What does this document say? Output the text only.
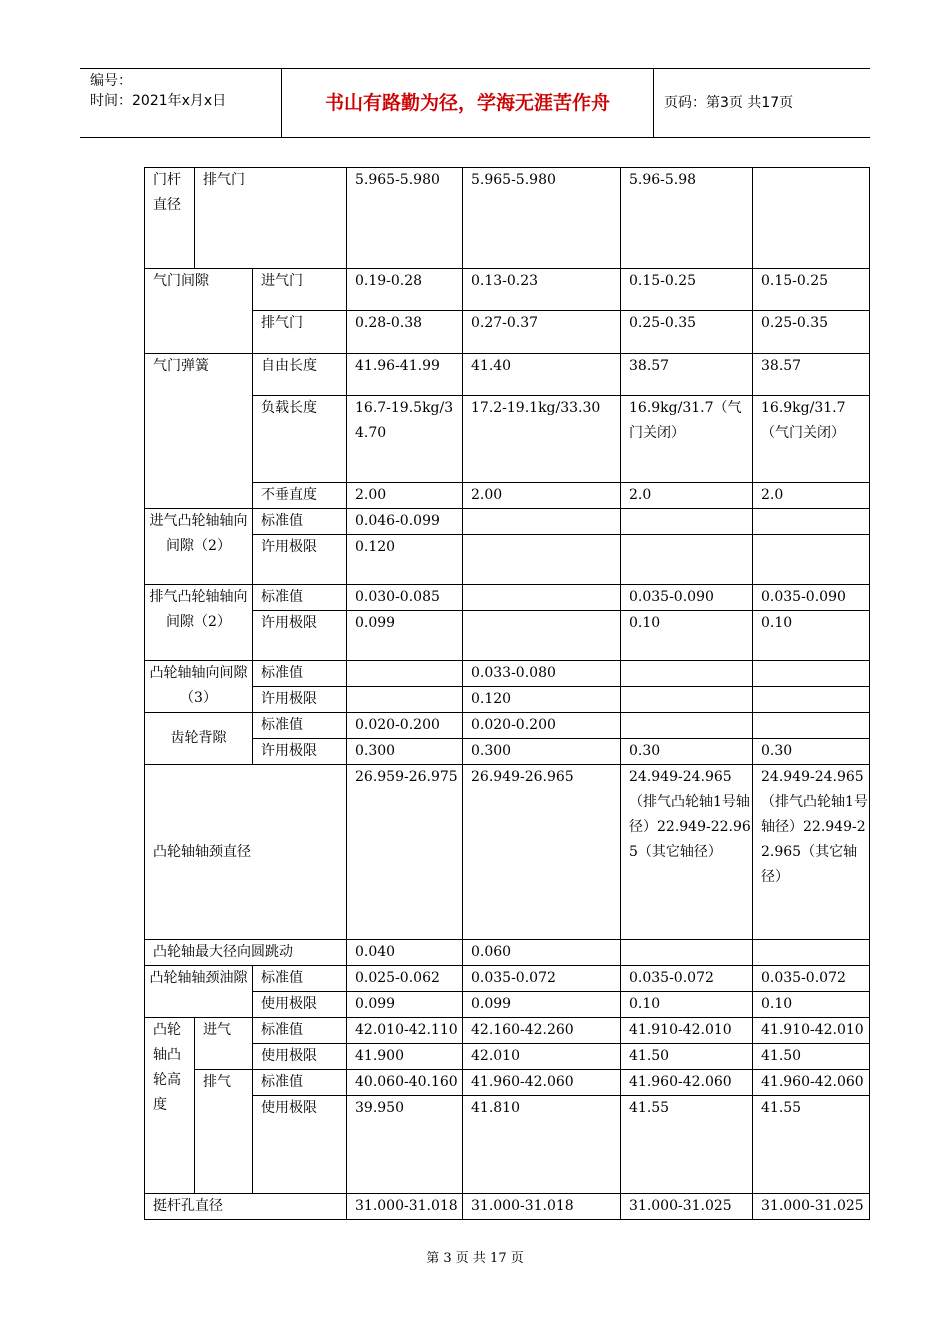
编号：
时间：2021年x月x日	书山有路勤为径，学海无涯苦作舟	页码：第3页 共17页
门杆直径	排气门		5.965-5.980	5.965-5.980	5.96-5.98	
气门间隙		进气门	0.19-0.28	0.13-0.23	0.15-0.25	0.15-0.25
		排气门	0.28-0.38	0.27-0.37	0.25-0.35	0.25-0.35
气门弹簧		自由长度	41.96-41.99	41.40	38.57	38.57
		负载长度	16.7-19.5kg/34.70	17.2-19.1kg/33.30	16.9kg/31.7（气门关闭）	16.9kg/31.7（气门关闭）
		不垂直度	2.00	2.00	2.0	2.0
进气凸轮轴轴向间隙（2）		标准值	0.046-0.099			
		许用极限	0.120			
排气凸轮轴轴向间隙（2）		标准值	0.030-0.085		0.035-0.090	0.035-0.090
		许用极限	0.099		0.10	0.10
凸轮轴轴向间隙（3）		标准值		0.033-0.080		
		许用极限		0.120		
齿轮背隙		标准值	0.020-0.200	0.020-0.200		
		许用极限	0.300	0.300	0.30	0.30
凸轮轴轴颈直径			26.959-26.975	26.949-26.965	24.949-24.965（排气凸轮轴1号轴径）22.949-22.965（其它轴径）	24.949-24.965（排气凸轮轴1号轴径）22.949-22.965（其它轴径）
凸轮轴最大径向圆跳动			0.040	0.060		
凸轮轴轴颈油隙		标准值	0.025-0.062	0.035-0.072	0.035-0.072	0.035-0.072
		使用极限	0.099	0.099	0.10	0.10
凸轮轴凸轮高度	进气	标准值	42.010-42.110	42.160-42.260	41.910-42.010	41.910-42.010
		使用极限	41.900	42.010	41.50	41.50
	排气	标准值	40.060-40.160	41.960-42.060	41.960-42.060	41.960-42.060
		使用极限	39.950	41.810	41.55	41.55
挺杆孔直径			31.000-31.018	31.000-31.018	31.000-31.025	31.000-31.025
第 3 页 共 17 页
